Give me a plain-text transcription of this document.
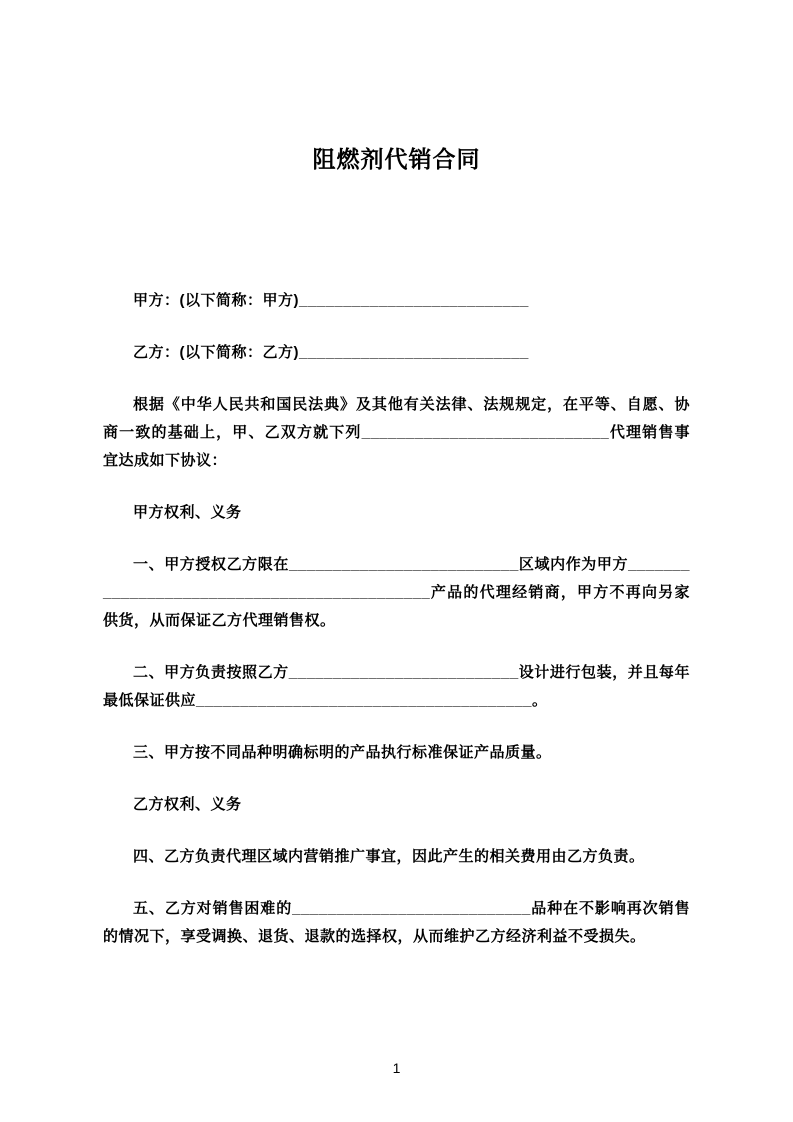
阻燃剂代销合同

甲方：(以下简称：甲方)__________________________

乙方：(以下简称：乙方)__________________________

根据《中华人民共和国民法典》及其他有关法律、法规规定，在平等、自愿、协商一致的基础上，甲、乙双方就下列____________________________代理销售事宜达成如下协议：

甲方权利、义务

一、甲方授权乙方限在__________________________区域内作为甲方____________________________________________产品的代理经销商，甲方不再向另家供货，从而保证乙方代理销售权。

二、甲方负责按照乙方__________________________设计进行包装，并且每年最低保证供应______________________________________。

三、甲方按不同品种明确标明的产品执行标准保证产品质量。

乙方权利、义务

四、乙方负责代理区域内营销推广事宜，因此产生的相关费用由乙方负责。

五、乙方对销售困难的___________________________品种在不影响再次销售的情况下，享受调换、退货、退款的选择权，从而维护乙方经济利益不受损失。

1
